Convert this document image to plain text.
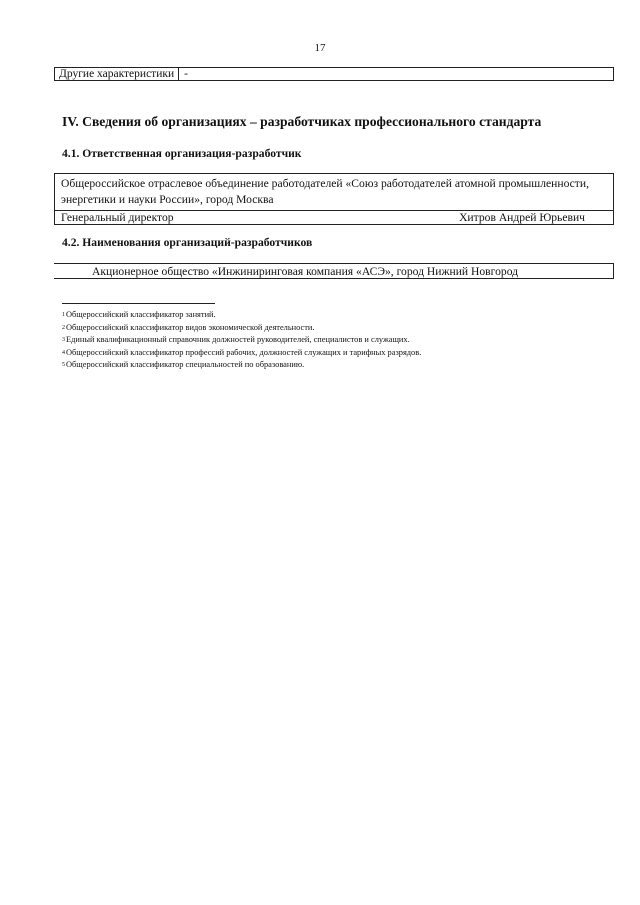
17
Другие характеристики -
IV. Сведения об организациях – разработчиках профессионального стандарта
4.1. Ответственная организация-разработчик
Общероссийское отраслевое объединение работодателей «Союз работодателей атомной промышленности, энергетики и науки России», город Москва
Генеральный директор	Хитров Андрей Юрьевич
4.2. Наименования организаций-разработчиков
Акционерное общество «Инжиниринговая компания «АСЭ», город Нижний Новгород
$^1$Общероссийский классификатор занятий.
$^2$Общероссийский классификатор видов экономической деятельности.
$^3$Единый квалификационный справочник должностей руководителей, специалистов и служащих.
$^4$Общероссийский классификатор профессий рабочих, должностей служащих и тарифных разрядов.
$^5$Общероссийский классификатор специальностей по образованию.
